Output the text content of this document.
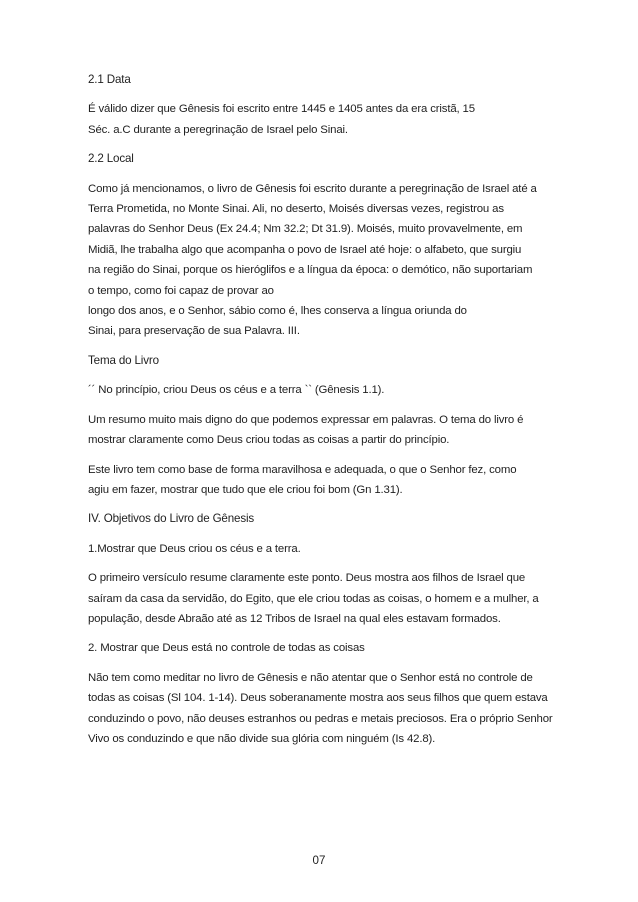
2.1 Data
É válido dizer que Gênesis foi escrito entre 1445 e 1405 antes da era cristã, 15
Séc. a.C durante a peregrinação de Israel pelo Sinai.
2.2 Local
Como já mencionamos, o livro de Gênesis foi escrito durante a peregrinação de Israel até a
Terra Prometida, no Monte Sinai. Ali, no deserto, Moisés diversas vezes, registrou as
palavras do Senhor Deus (Ex 24.4; Nm 32.2; Dt 31.9). Moisés, muito provavelmente, em
Midiã, lhe trabalha algo que acompanha o povo de Israel até hoje: o alfabeto, que surgiu
na região do Sinai, porque os hieróglifos e a língua da época: o demótico, não suportariam
o tempo, como foi capaz de provar ao
longo dos anos, e o Senhor, sábio como é, lhes conserva a língua oriunda do
Sinai, para preservação de sua Palavra. III.
Tema do Livro
´´ No princípio, criou Deus os céus e a terra `` (Gênesis 1.1).
Um resumo muito mais digno do que podemos expressar em palavras. O tema do livro é
mostrar claramente como Deus criou todas as coisas a partir do princípio.
Este livro tem como base de forma maravilhosa e adequada, o que o Senhor fez, como
agiu em fazer, mostrar que tudo que ele criou foi bom (Gn 1.31).
IV. Objetivos do Livro de Gênesis
1.Mostrar que Deus criou os céus e a terra.
O primeiro versículo resume claramente este ponto. Deus mostra aos filhos de Israel que
saíram da casa da servidão, do Egito, que ele criou todas as coisas, o homem e a mulher, a
população, desde Abraão até as 12 Tribos de Israel na qual eles estavam formados.
2. Mostrar que Deus está no controle de todas as coisas
Não tem como meditar no livro de Gênesis e não atentar que o Senhor está no controle de
todas as coisas (Sl 104. 1-14). Deus soberanamente mostra aos seus filhos que quem estava
conduzindo o povo, não deuses estranhos ou pedras e metais preciosos. Era o próprio Senhor
Vivo os conduzindo e que não divide sua glória com ninguém (Is 42.8).
07
